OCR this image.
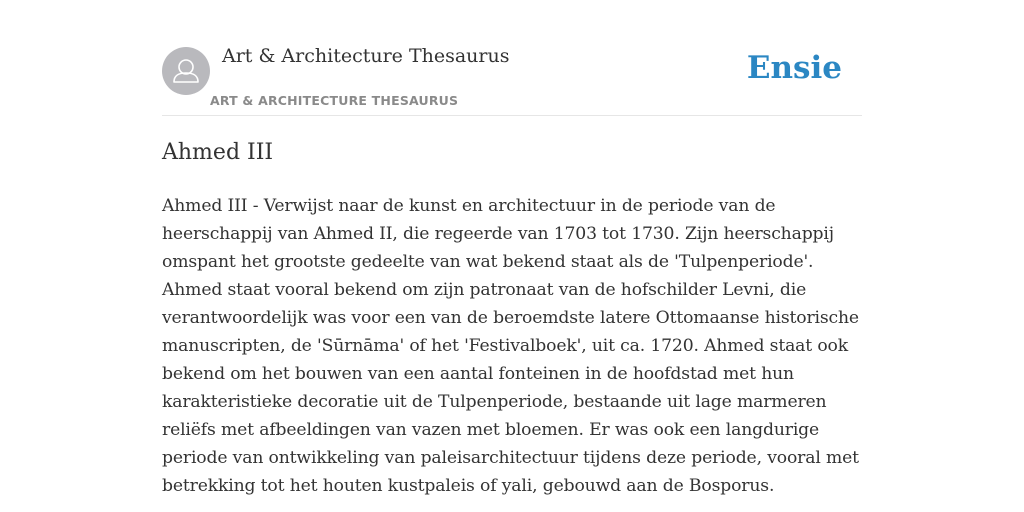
Art & Architecture Thesaurus
ART & ARCHITECTURE THESAURUS
Ensie
Ahmed III

Ahmed III - Verwijst naar de kunst en architectuur in de periode van de
heerschappij van Ahmed II, die regeerde van 1703 tot 1730. Zijn heerschappij
omspant het grootste gedeelte van wat bekend staat als de 'Tulpenperiode'.
Ahmed staat vooral bekend om zijn patronaat van de hofschilder Levni, die
verantwoordelijk was voor een van de beroemdste latere Ottomaanse historische
manuscripten, de 'Sūrnāma' of het 'Festivalboek', uit ca. 1720. Ahmed staat ook
bekend om het bouwen van een aantal fonteinen in de hoofdstad met hun
karakteristieke decoratie uit de Tulpenperiode, bestaande uit lage marmeren
reliëfs met afbeeldingen van vazen met bloemen. Er was ook een langdurige
periode van ontwikkeling van paleisarchitectuur tijdens deze periode, vooral met
betrekking tot het houten kustpaleis of yali, gebouwd aan de Bosporus.
